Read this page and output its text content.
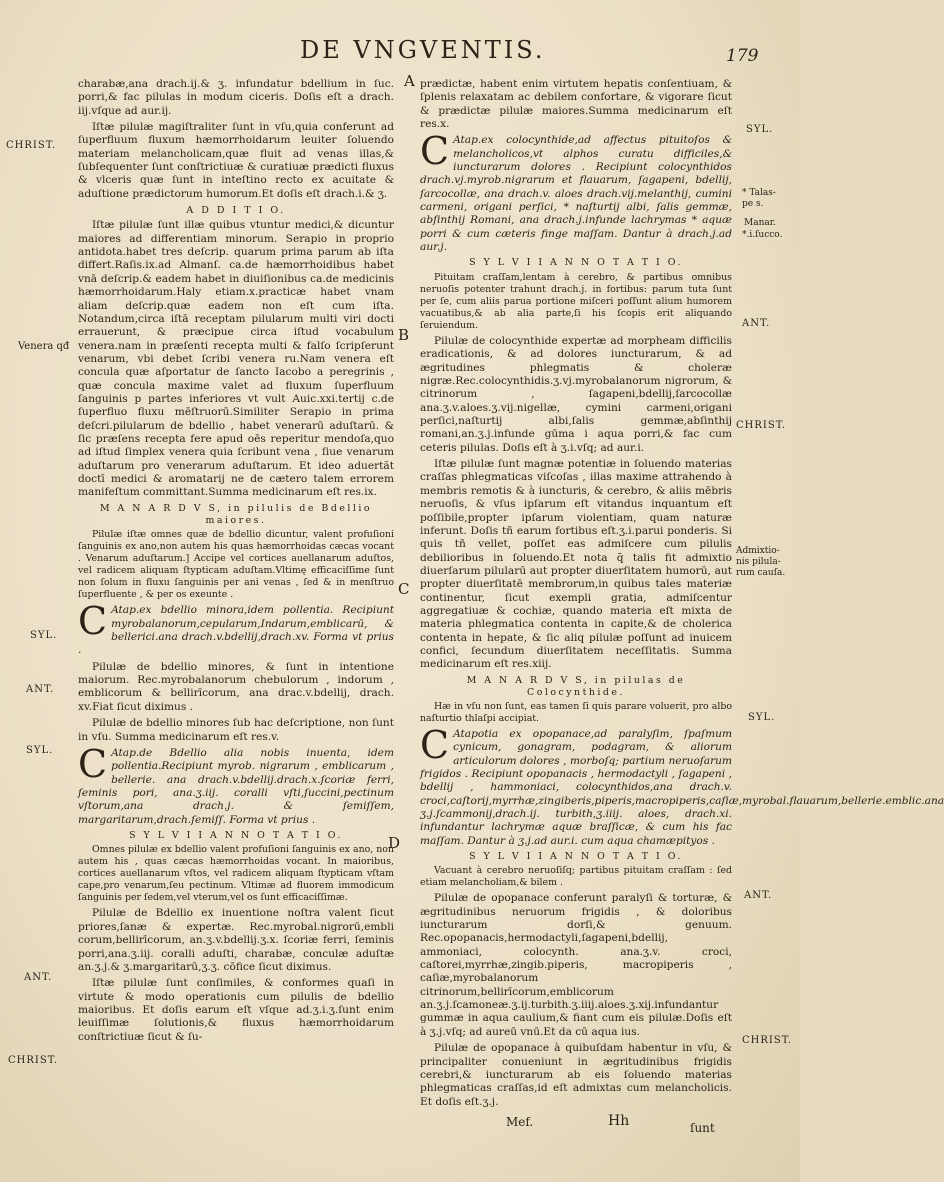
DE VNGVENTIS.	179
A
B
C
D
CHRIST.
Venera qđ
SYL.
ANT.
SYL.
ANT.
CHRIST.
SYL.
* Talas-
pe s.
Manar.
*.i.ſucco.
ANT.
CHRIST.
Admixtio-
nis pilula-
rum cauſa.
SYL.
ANT.
CHRIST.

charabæ,ana drach.ij.& ʒ. infundatur bdellium in ſuc. porri,& fac pilulas in modum ciceris. Doſis eſt a drach. iij.vſque ad aur.ij.

Iſtæ pilulæ magiſtraliter ſunt in vſu,quia conferunt ad ſuperfluum fluxum hæmorrhoidarum leuiter ſoluendo materiam melancholicam,quæ fluit ad venas illas,& ſubſequenter ſunt conſtrictiuæ & curatiuæ prædicti fluxus & vlceris quæ ſunt in inteſtino recto ex acuitate & aduſtione prædictorum humorum.Et doſis eſt drach.i.& ʒ.

A D D I T I O.

Iſtæ pilulæ ſunt illæ quibus vtuntur medici,& dicuntur maiores ad differentiam minorum. Serapio in proprio antidota.habet tres deſcrip. quarum prima parum ab iſta differt.Raſis.ix.ad Almanſ. ca.de hæmorrhoidibus habet vnā deſcrip.& eadem habet in diuiſionibus ca.de medicinis hæmorrhoidarum.Haly etiam.x.practicæ habet vnam aliam deſcrip.quæ eadem non eſt cum iſta. Notandum,circa iſtā receptam pilularum multi viri docti errauerunt, & præcipue circa iſtud vocabulum venera.nam in præſenti recepta multi & falſo ſcripſerunt venarum, vbi debet ſcribi venera ru.Nam venera eſt concula quæ aſportatur de ſancto Iacobo a peregrinis , quæ concula maxime valet ad fluxum ſuperfluum ſanguinis p partes inferiores vt vult Auic.xxi.tertij c.de ſuperfluo fluxu mēſtruorū.Similiter Serapio in prima deſcri.pilularum de bdellio , habet venerarū aduſtarū. & ſic præſens recepta fere apud oēs reperitur mendoſa,quo ad iſtud ſimplex venera quia ſcribunt vena , ſiue venarum aduſtarum pro venerarum aduſtarum. Et ideo aduertãt doctī medici & aromatarij ne de cætero talem errorem manifeſtum committant.Summa medicinarum eſt res.ix.

M A N A R D V S, in pilulis de Bdellio maiores.

Pilulæ iſtæ omnes quæ de bdellio dicuntur, valent profuſioni ſanguinis ex ano,non autem his quas hæmorrhoidas cæcas vocant . Venarum aduſtarum.] Accipe vel cortices auellanarum aduſtos, vel radicem aliquam ſtypticam aduſtam.Vltimę efficaciſſime ſunt non ſolum in fluxu ſanguinis per ani venas , ſed & in menſtruo ſuperfluente , & per os exeunte .

C Atap.ex bdellio minora,idem pollentia. Recipiunt myrobalanorum,cepularum,Indarum,emblicarū, & bellerici.ana drach.v.bdellij,drach.xv. Forma vt prius .

Pilulæ de bdellio minores, & ſunt in intentione maiorum. Rec.myrobalanorum chebulorum , indorum , emblicorum & bellirīcorum, ana drac.v.bdellij, drach. xv.Fiat ſicut diximus .

Pilulæ de bdellio minores ſub hac deſcriptione, non ſunt in vſu. Summa medicinarum eſt res.v.

C Atap.de Bdellio alia nobis inuenta, idem pollentia.Recipiunt myrob. nigrarum , emblicarum , bellerie. ana drach.v.bdellij.drach.x.ſcoriæ ferri, ſeminis pori, ana.ʒ.iij. coralli vſti,ſuccini,pectinum vſtorum,ana drach.j. & ſemiſſem, margaritarum,drach.ſemiſſ. Forma vt prius .

S Y L V I I A N N O T A T I O.

Omnes pilulæ ex bdellio valent profuſioni ſanguinis ex ano, non autem his , quas cæcas hæmorrhoidas vocant. In maioribus, cortices auellanarum vſtos, vel radicem aliquam ſtypticam vſtam cape,pro venarum,ſeu pectinum. Vltimæ ad fluorem immodicum ſanguinis per ſedem,vel vterum,vel os ſunt efficaciſſimæ.

Pilulæ de Bdellio ex inuentione noſtra valent ſicut priores,ſanæ & expertæ. Rec.myrobal.nigrorū,embli corum,bellirīcorum, an.ʒ.v.bdellij.ʒ.x. ſcoriæ ferri, ſeminis porri,ana.ʒ.iij. coralli aduſti, charabæ, conculæ aduſtæ an.ʒ.j.& ʒ.margaritarū,ʒ.ʒ. cōfice ſicut diximus.

Iſtæ pilulæ ſunt conſimiles, & conformes quaſi in virtute & modo operationis cum pilulis de bdellio maioribus. Et doſis earum eſt vſque ad.ʒ.i.ʒ.ſunt enim leuiſſimæ ſolutionis,& fluxus hæmorrhoidarum conſtrictiuæ ſicut & ſu-

prædictæ, habent enim virtutem hepatis conſentiuam, & ſplenis relaxatam ac debilem confortare, & vigorare ſicut & prædictæ pilulæ maiores.Summa medicinarum eſt res.x.

C Atap.ex colocynthide,ad affectus pituitoſos & melancholicos,vt alphos curatu difficiles,& iuncturarum dolores . Recipiunt colocynthidos drach.vj.myrob.nigrarum et flauarum, ſagapeni, bdellij, ſarcocollæ, ana drach.v. aloes drach.vij.melanthij, cumini carmeni, origani perſici, * naſturtij albi, ſalis gemmæ, abſinthij Romani, ana drach.j.infunde lachrymas * aquæ porri & cum cæteris finge maſſam. Dantur à drach.j.ad aur.j.

S Y L V I I A N N O T A T I O.

Pituitam craſſam,lentam à cerebro, & partibus omnibus neruoſis potenter trahunt drach.j. in fortibus: parum tuta ſunt per ſe, cum aliis parua portione miſceri poſſunt alium humorem vacuatibus,& ab alia parte,ſi his ſcopis erit aliquando ſeruiendum.

Pilulæ de colocynthide expertæ ad morpheam difficilis eradicationis, & ad dolores iuncturarum, & ad ægritudines phlegmatis & choleræ nigræ.Rec.colocynthidis.ʒ.vj.myrobalanorum nigrorum, & citrinorum , ſagapeni,bdellij,ſarcocollæ ana.ʒ.v.aloes.ʒ.vij.nigellæ, cymini carmeni,origani perſici,naſturtij albi,ſalis gemmæ,abſinthij romani,an.ʒ.j.infunde gūma i aqua porri,& fac cum ceteris pilulas. Doſis eſt à ʒ.i.vſq; ad aur.i.

Iſtæ pilulæ ſunt magnæ potentiæ in ſoluendo materias craſſas phlegmaticas viſcoſas , illas maxime attrahendo à membris remotis & à iuncturis, & cerebro, & aliis mēbris neruoſis, & vſus ipſarum eſt vitandus inquantum eſt poſſibile,propter ipſarum violentiam, quam naturæ inferunt. Doſis tñ earum fortibus eſt.ʒ.i.parui ponderis. Si quis tñ vellet, poſſet eas admiſcere cum pilulis debilioribus in ſoluendo.Et nota q̄ talis fit admixtio diuerſarum pilularū aut propter diuerſitatem humorū, aut propter diuerſitatē membrorum,in quibus tales materiæ continentur, ſicut exempli gratia, admiſcentur aggregatiuæ & cochiæ, quando materia eſt mixta de materia phlegmatica contenta in capite,& de cholerica contenta in hepate, & ſic aliq pilulæ poſſunt ad inuicem confici, ſecundum diuerſitatem neceſſitatis. Summa medicinarum eſt res.xiij.

M A N A R D V S, in pilulas de Colocynthide.

Hæ in vſu non ſunt, eas tamen ſi quis parare voluerit, pro albo naſturtio thlaſpi accipiat.

C Atapotia ex opopanace,ad paralyſim, ſpaſmum cynicum, gonagram, podagram, & aliorum articulorum dolores , morboſq; partium neruoſarum frigidos . Recipiunt opopanacis , hermodactyli , ſagapeni , bdellij , hammoniaci, colocynthidos,ana drach.v. croci,caſtorij,myrrhæ,zingiberis,piperis,macropiperis,caſiæ,myrobal.flauarum,bellerie.emblic.ana ʒ.j.ſcammonij,drach.ij. turbith,ʒ.iiij. aloes, drach.xi. infundantur lachrymæ aquæ braſſicæ, & cum his fac maſſam. Dantur à ʒ.j.ad aur.i. cum aqua chamæpityos .

S Y L V I I A N N O T A T I O.

Vacuant à cerebro neruoſiſq; partibus pituitam craſſam : ſed etiam melancholiam,& bilem .

Pilulæ de opopanace conferunt paralyſi & torturæ, & ægritudinibus neruorum frigidis , & doloribus iuncturarum dorſi,& genuum. Rec.opopanacis,hermodactyli,ſagapeni,bdellij, ammoniaci, colocynth. ana.ʒ.v. croci, caſtorei,myrrhæ,zingib.piperis, macropiperis , caſiæ,myrobalanorum citrinorum,bellirīcorum,emblicorum an.ʒ.j.ſcamoneæ.ʒ.ij.turbith.ʒ.iiij.aloes.ʒ.xij.infundantur gummæ in aqua caulium,& fiant cum eis pilulæ.Doſis eſt à ʒ.j.vſq; ad aureū vnū.Et da cū aqua ius.

Pilulæ de opopanace à quibuſdam habentur in vſu, & principaliter conueniunt in ægritudinibus frigidis cerebri,& iuncturarum ab eis ſoluendo materias phlegmaticas craſſas,id eſt admixtas cum melancholicis. Et doſis eſt.ʒ.j.

Mef.	Hh	ſunt
